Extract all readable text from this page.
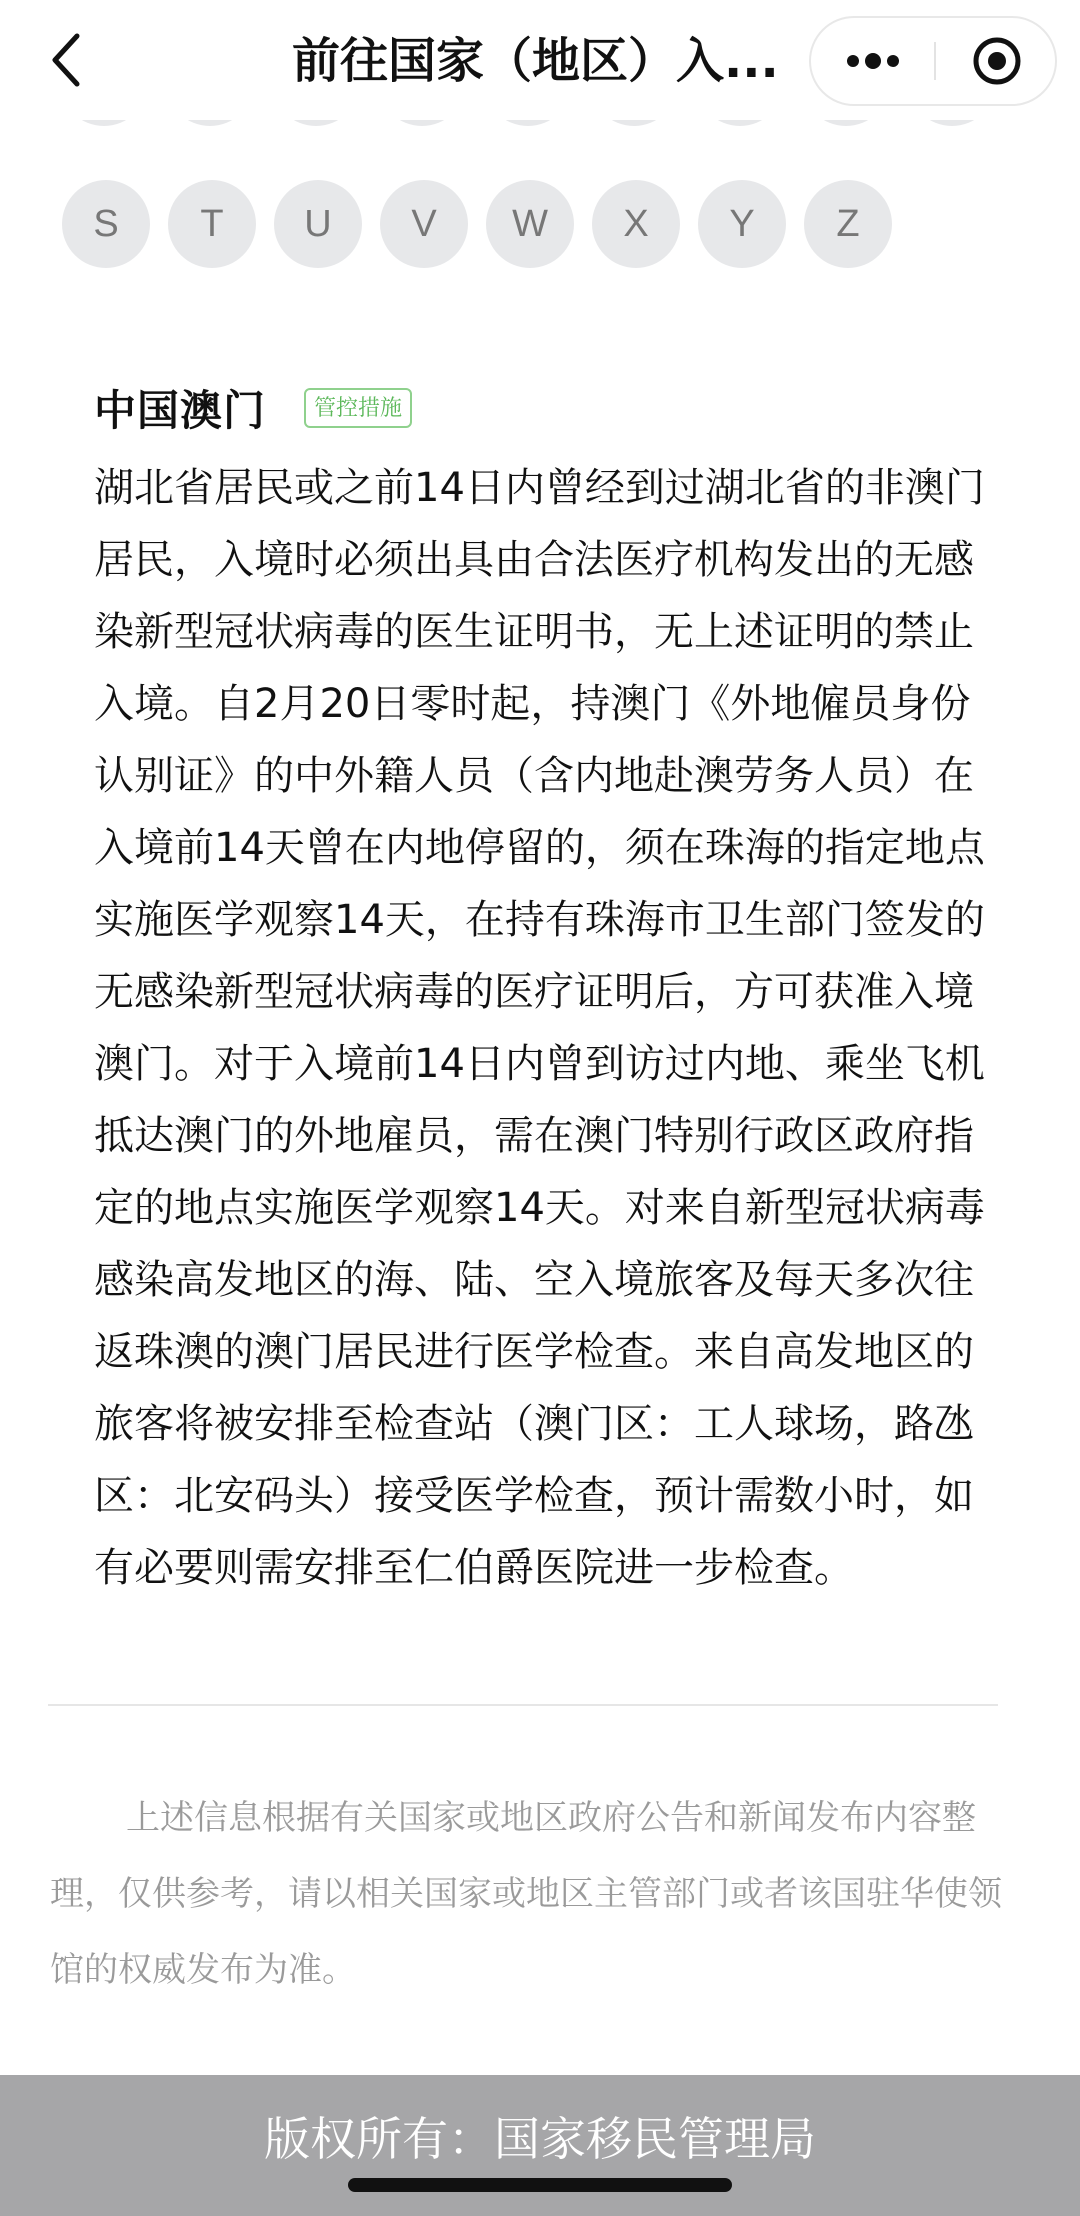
前往国家（地区）入...
S	T	U	V	W	X	Y	Z
中国澳门	管控措施

湖北省居民或之前14日内曾经到过湖北省的非澳门居民，入境时必须出具由合法医疗机构发出的无感染新型冠状病毒的医生证明书，无上述证明的禁止入境。自2月20日零时起，持澳门《外地僱员身份认别证》的中外籍人员（含内地赴澳劳务人员）在入境前14天曾在内地停留的，须在珠海的指定地点实施医学观察14天，在持有珠海市卫生部门签发的无感染新型冠状病毒的医疗证明后，方可获准入境澳门。对于入境前14日内曾到访过内地、乘坐飞机抵达澳门的外地雇员，需在澳门特别行政区政府指定的地点实施医学观察14天。对来自新型冠状病毒感染高发地区的海、陆、空入境旅客及每天多次往返珠澳的澳门居民进行医学检查。来自高发地区的旅客将被安排至检查站（澳门区：工人球场，路氹区：北安码头）接受医学检查，预计需数小时，如有必要则需安排至仁伯爵医院进一步检查。

上述信息根据有关国家或地区政府公告和新闻发布内容整理，仅供参考，请以相关国家或地区主管部门或者该国驻华使领馆的权威发布为准。

版权所有：国家移民管理局
